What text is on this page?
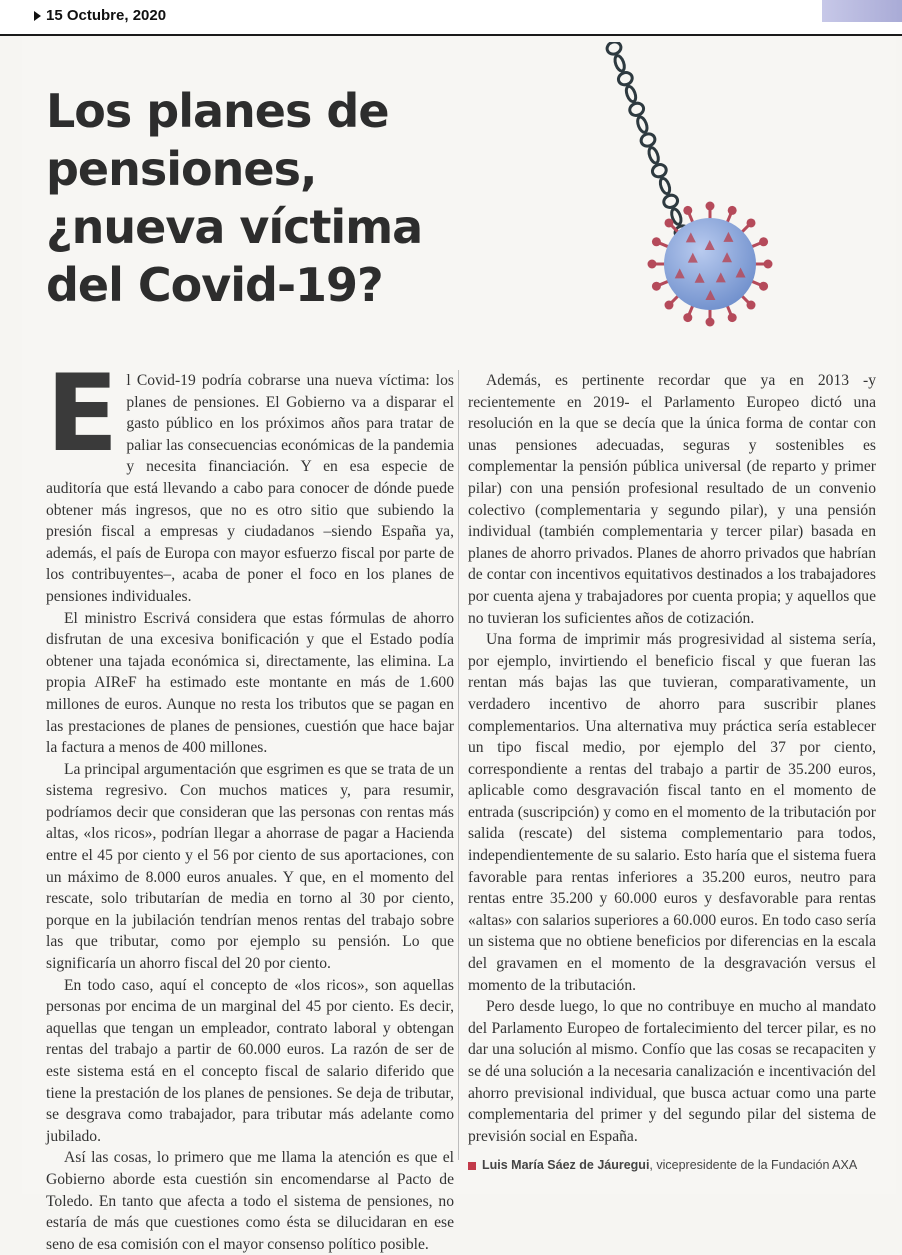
15 Octubre, 2020
Los planes de pensiones, ¿nueva víctima del Covid-19?

El Covid-19 podría cobrarse una nueva víctima: los planes de pensiones. El Gobierno va a disparar el gasto público en los próximos años para tratar de paliar las consecuencias económicas de la pandemia y necesita financiación. Y en esa especie de auditoría que está llevando a cabo para conocer de dónde puede obtener más ingresos, que no es otro sitio que subiendo la presión fiscal a empresas y ciudadanos –siendo España ya, además, el país de Europa con mayor esfuerzo fiscal por parte de los contribuyentes–, acaba de poner el foco en los planes de pensiones individuales.

El ministro Escrivá considera que estas fórmulas de ahorro disfrutan de una excesiva bonificación y que el Estado podía obtener una tajada económica si, directamente, las elimina. La propia AIReF ha estimado este montante en más de 1.600 millones de euros. Aunque no resta los tributos que se pagan en las prestaciones de planes de pensiones, cuestión que hace bajar la factura a menos de 400 millones.

La principal argumentación que esgrimen es que se trata de un sistema regresivo. Con muchos matices y, para resumir, podríamos decir que consideran que las personas con rentas más altas, «los ricos», podrían llegar a ahorrase de pagar a Hacienda entre el 45 por ciento y el 56 por ciento de sus aportaciones, con un máximo de 8.000 euros anuales. Y que, en el momento del rescate, solo tributarían de media en torno al 30 por ciento, porque en la jubilación tendrían menos rentas del trabajo sobre las que tributar, como por ejemplo su pensión. Lo que significaría un ahorro fiscal del 20 por ciento.

En todo caso, aquí el concepto de «los ricos», son aquellas personas por encima de un marginal del 45 por ciento. Es decir, aquellas que tengan un empleador, contrato laboral y obtengan rentas del trabajo a partir de 60.000 euros. La razón de ser de este sistema está en el concepto fiscal de salario diferido que tiene la prestación de los planes de pensiones. Se deja de tributar, se desgrava como trabajador, para tributar más adelante como jubilado.

Así las cosas, lo primero que me llama la atención es que el Gobierno aborde esta cuestión sin encomendarse al Pacto de Toledo. En tanto que afecta a todo el sistema de pensiones, no estaría de más que cuestiones como ésta se dilucidaran en ese seno de esa comisión con el mayor consenso político posible.

Además, es pertinente recordar que ya en 2013 -y recientemente en 2019- el Parlamento Europeo dictó una resolución en la que se decía que la única forma de contar con unas pensiones adecuadas, seguras y sostenibles es complementar la pensión pública universal (de reparto y primer pilar) con una pensión profesional resultado de un convenio colectivo (complementaria y segundo pilar), y una pensión individual (también complementaria y tercer pilar) basada en planes de ahorro privados. Planes de ahorro privados que habrían de contar con incentivos equitativos destinados a los trabajadores por cuenta ajena y trabajadores por cuenta propia; y aquellos que no tuvieran los suficientes años de cotización.

Una forma de imprimir más progresividad al sistema sería, por ejemplo, invirtiendo el beneficio fiscal y que fueran las rentan más bajas las que tuvieran, comparativamente, un verdadero incentivo de ahorro para suscribir planes complementarios. Una alternativa muy práctica sería establecer un tipo fiscal medio, por ejemplo del 37 por ciento, correspondiente a rentas del trabajo a partir de 35.200 euros, aplicable como desgravación fiscal tanto en el momento de entrada (suscripción) y como en el momento de la tributación por salida (rescate) del sistema complementario para todos, independientemente de su salario. Esto haría que el sistema fuera favorable para rentas inferiores a 35.200 euros, neutro para rentas entre 35.200 y 60.000 euros y desfavorable para rentas «altas» con salarios superiores a 60.000 euros. En todo caso sería un sistema que no obtiene beneficios por diferencias en la escala del gravamen en el momento de la desgravación versus el momento de la tributación.

Pero desde luego, lo que no contribuye en mucho al mandato del Parlamento Europeo de fortalecimiento del tercer pilar, es no dar una solución al mismo. Confío que las cosas se recapaciten y se dé una solución a la necesaria canalización e incentivación del ahorro previsional individual, que busca actuar como una parte complementaria del primer y del segundo pilar del sistema de previsión social en España.

Luis María Sáez de Jáuregui, vicepresidente de la Fundación AXA
